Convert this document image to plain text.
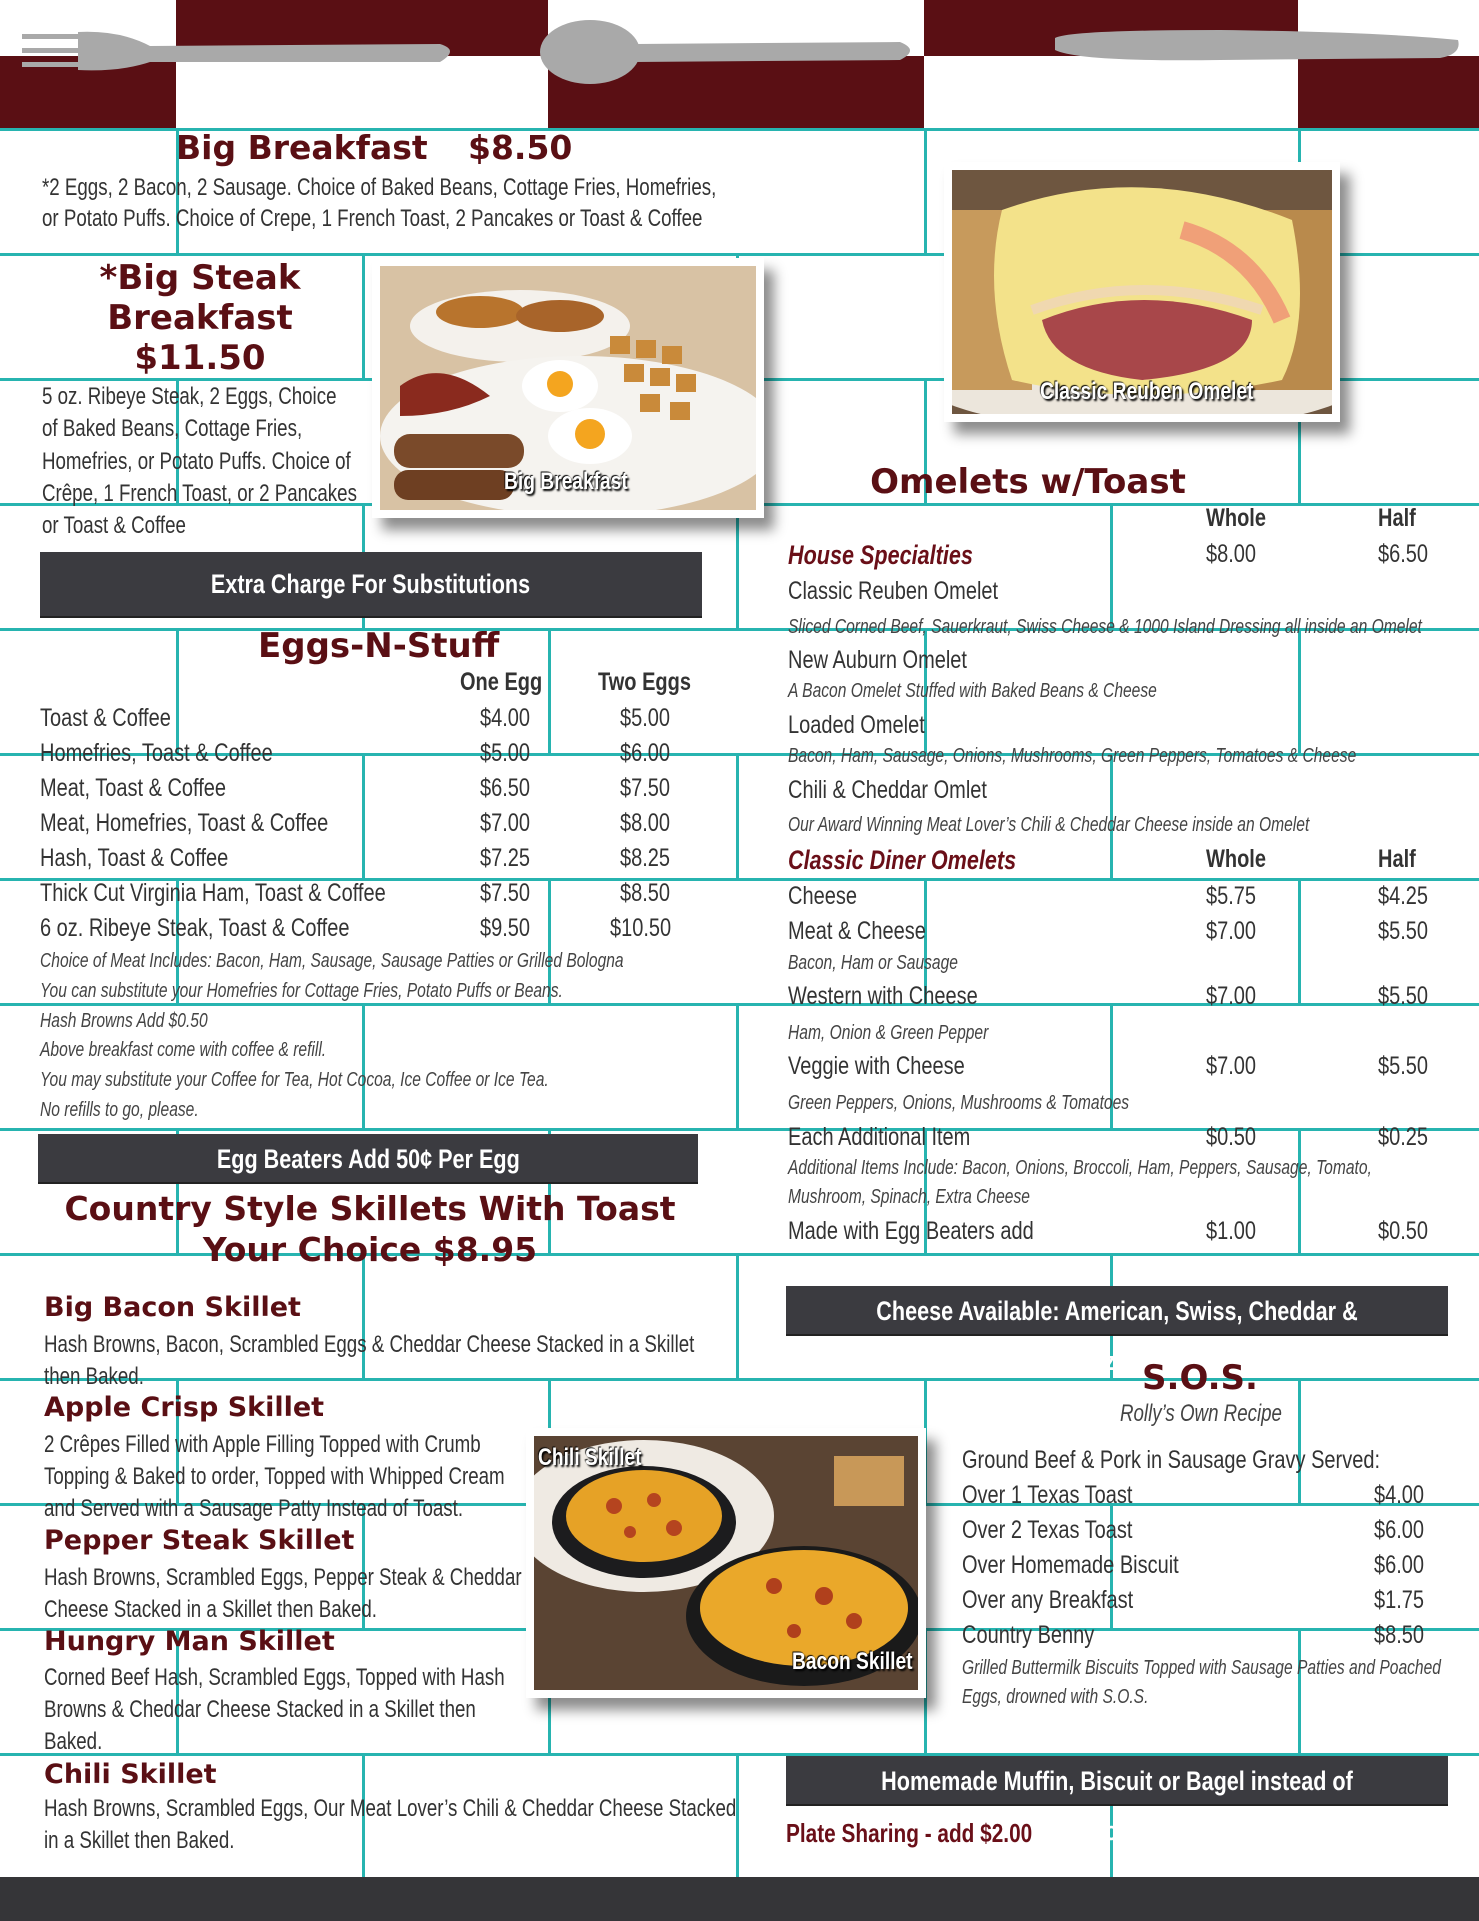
Big Breakfast $8.50
*2 Eggs, 2 Bacon, 2 Sausage. Choice of Baked Beans, Cottage Fries, Homefries,
or Potato Puffs. Choice of Crepe, 1 French Toast, 2 Pancakes or Toast & Coffee
*Big Steak
Breakfast
$11.50
5 oz. Ribeye Steak, 2 Eggs, Choice
of Baked Beans, Cottage Fries,
Homefries, or Potato Puffs. Choice of
Crêpe, 1 French Toast, or 2 Pancakes
or Toast & Coffee
Big Breakfast
Extra Charge For Substitutions
Eggs-N-Stuff
One Egg Two Eggs
Toast & Coffee	$4.00	$5.00
Homefries, Toast & Coffee	$5.00	$6.00
Meat, Toast & Coffee	$6.50	$7.50
Meat, Homefries, Toast & Coffee	$7.00	$8.00
Hash, Toast & Coffee	$7.25	$8.25
Thick Cut Virginia Ham, Toast & Coffee	$7.50	$8.50
6 oz. Ribeye Steak, Toast & Coffee	$9.50	$10.50
Choice of Meat Includes: Bacon, Ham, Sausage, Sausage Patties or Grilled Bologna
You can substitute your Homefries for Cottage Fries, Potato Puffs or Beans.
Hash Browns Add $0.50
Above breakfast come with coffee & refill.
You may substitute your Coffee for Tea, Hot Cocoa, Ice Coffee or Ice Tea.
No refills to go, please.
Egg Beaters Add 50¢ Per Egg
Country Style Skillets With Toast
Your Choice $8.95
Big Bacon Skillet
Hash Browns, Bacon, Scrambled Eggs & Cheddar Cheese Stacked in a Skillet
then Baked.
Apple Crisp Skillet
2 Crêpes Filled with Apple Filling Topped with Crumb
Topping & Baked to order, Topped with Whipped Cream
and Served with a Sausage Patty Instead of Toast.
Pepper Steak Skillet
Hash Browns, Scrambled Eggs, Pepper Steak & Cheddar
Cheese Stacked in a Skillet then Baked.
Hungry Man Skillet
Corned Beef Hash, Scrambled Eggs, Topped with Hash
Browns & Cheddar Cheese Stacked in a Skillet then
Baked.
Chili Skillet
Hash Browns, Scrambled Eggs, Our Meat Lover’s Chili & Cheddar Cheese Stacked
in a Skillet then Baked.
Chili Skillet
Bacon Skillet
Classic Reuben Omelet
Omelets w/Toast
Whole	Half
House Specialties	$8.00	$6.50
Classic Reuben Omelet
Sliced Corned Beef, Sauerkraut, Swiss Cheese & 1000 Island Dressing all inside an Omelet
New Auburn Omelet
A Bacon Omelet Stuffed with Baked Beans & Cheese
Loaded Omelet
Bacon, Ham, Sausage, Onions, Mushrooms, Green Peppers, Tomatoes & Cheese
Chili & Cheddar Omlet
Our Award Winning Meat Lover’s Chili & Cheddar Cheese inside an Omelet
Classic Diner Omelets	Whole	Half
Cheese	$5.75	$4.25
Meat & Cheese	$7.00	$5.50
Bacon, Ham or Sausage
Western with Cheese	$7.00	$5.50
Ham, Onion & Green Pepper
Veggie with Cheese	$7.00	$5.50
Green Peppers, Onions, Mushrooms & Tomatoes
Each Additional Item	$0.50	$0.25
Additional Items Include: Bacon, Onions, Broccoli, Ham, Peppers, Sausage, Tomato,
Mushroom, Spinach, Extra Cheese
Made with Egg Beaters add	$1.00	$0.50
Cheese Available: American, Swiss, Cheddar & Mozzarella
S.O.S.
Rolly’s Own Recipe
Ground Beef & Pork in Sausage Gravy Served:
Over 1 Texas Toast	$4.00
Over 2 Texas Toast	$6.00
Over Homemade Biscuit	$6.00
Over any Breakfast	$1.75
Country Benny	$8.50
Grilled Buttermilk Biscuits Topped with Sausage Patties and Poached
Eggs, drowned with S.O.S.
Homemade Muffin, Biscuit or Bagel instead of Toast only 95¢
Plate Sharing - add $2.00
